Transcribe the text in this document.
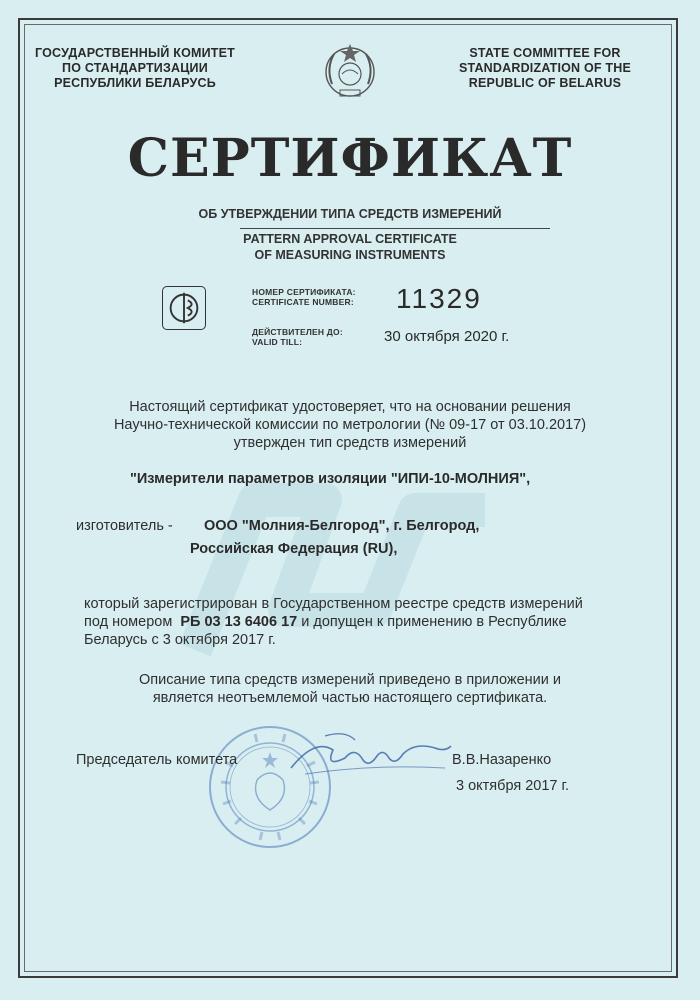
ГОСУДАРСТВЕННЫЙ КОМИТЕТ
ПО СТАНДАРТИЗАЦИИ
РЕСПУБЛИКИ БЕЛАРУСЬ
STATE COMMITTEE FOR
STANDARDIZATION OF THE
REPUBLIC OF BELARUS
СЕРТИФИКАТ
ОБ УТВЕРЖДЕНИИ ТИПА СРЕДСТВ ИЗМЕРЕНИЙ
PATTERN APPROVAL CERTIFICATE
OF MEASURING INSTRUMENTS
НОМЕР СЕРТИФИКАТА:
CERTIFICATE NUMBER: 11329
ДЕЙСТВИТЕЛЕН ДО:
VALID TILL:	30 октября 2020 г.
Настоящий сертификат удостоверяет, что на основании решения
Научно-технической комиссии по метрологии (№ 09-17 от 03.10.2017)
утвержден тип средств измерений
"Измерители параметров изоляции "ИПИ-10-МОЛНИЯ",
изготовитель - ООО "Молния-Белгород", г. Белгород,
Российская Федерация (RU),
который зарегистрирован в Государственном реестре средств измерений
под номером РБ 03 13 6406 17 и допущен к применению в Республике
Беларусь с 3 октября 2017 г.
Описание типа средств измерений приведено в приложении и
является неотъемлемой частью настоящего сертификата.
Председатель комитета	В.В.Назаренко
3 октября 2017 г.
